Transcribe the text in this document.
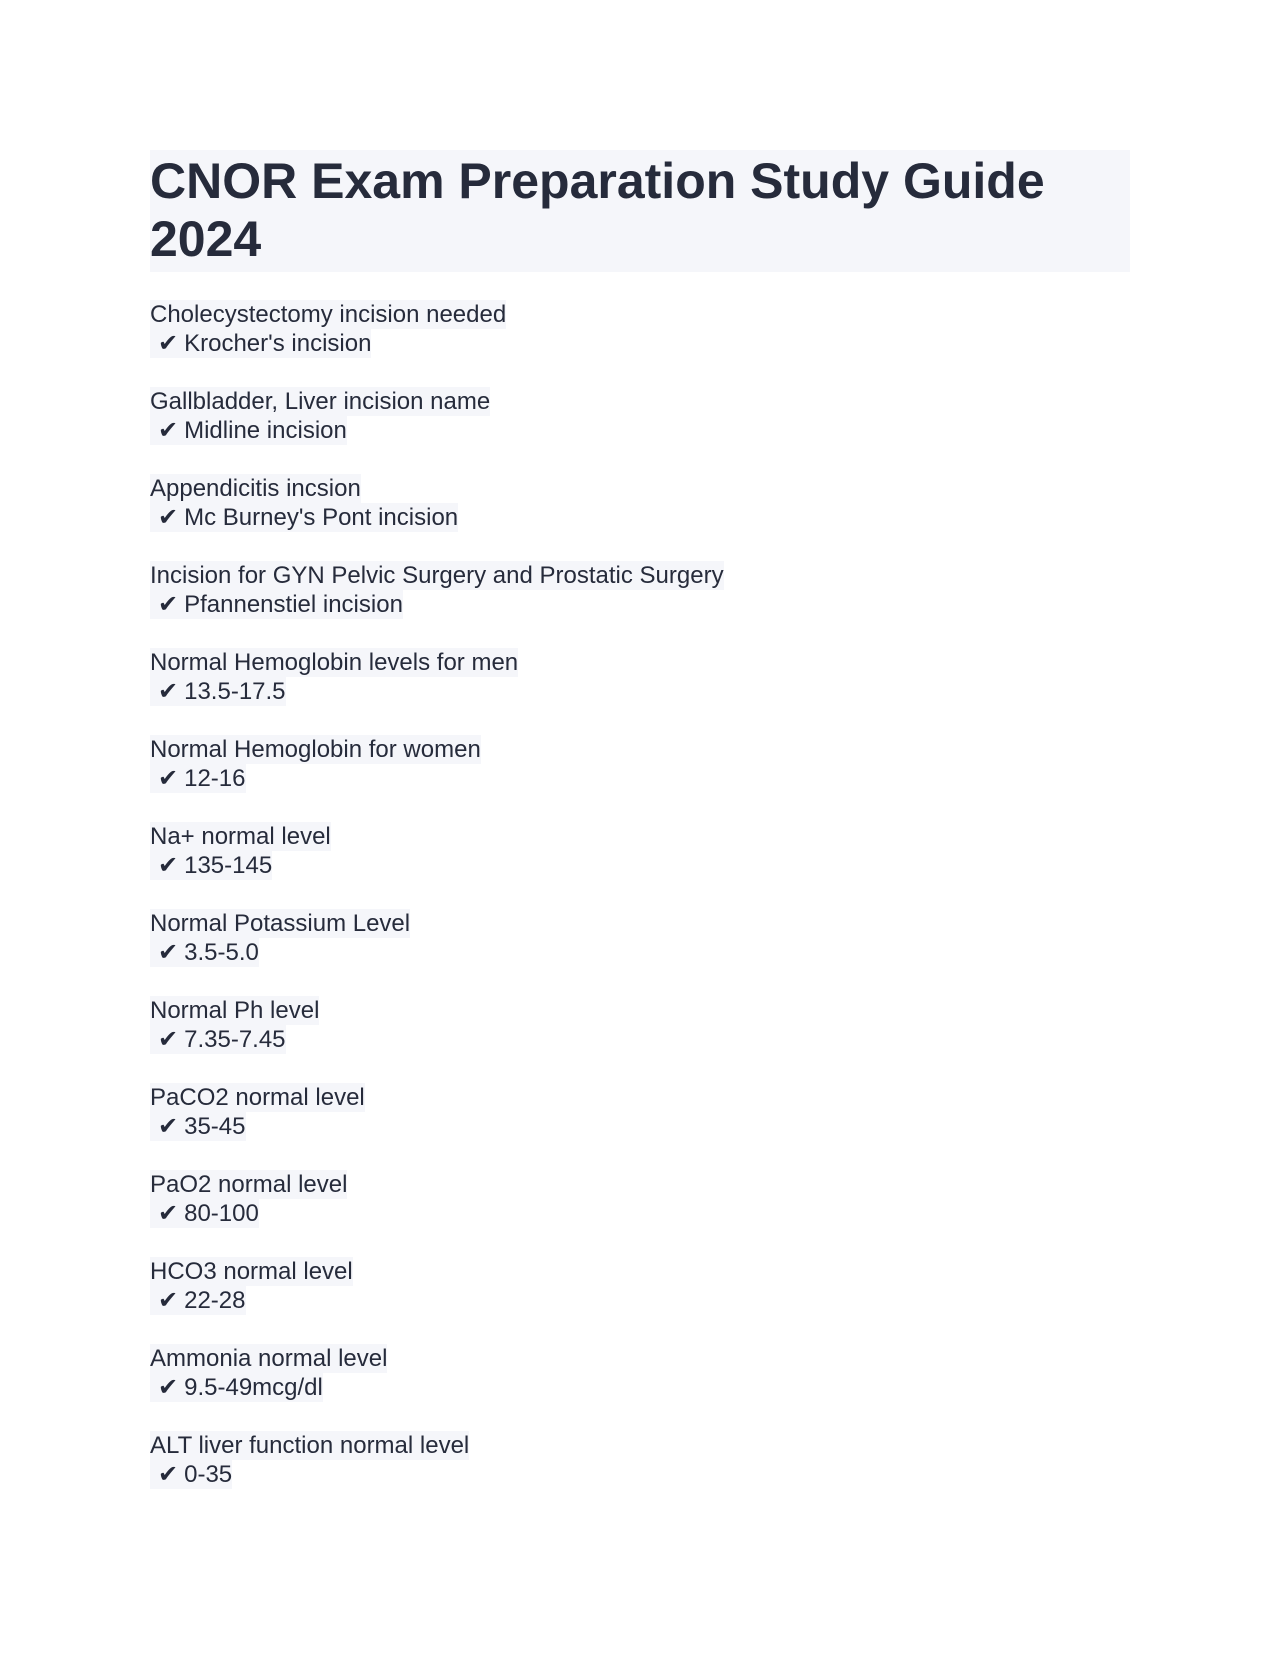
CNOR Exam Preparation Study Guide 2024
Cholecystectomy incision needed
✔ Krocher's incision
Gallbladder, Liver incision name
✔ Midline incision
Appendicitis incsion
✔ Mc Burney's Pont incision
Incision for GYN Pelvic Surgery and Prostatic Surgery
✔ Pfannenstiel incision
Normal Hemoglobin levels for men
✔ 13.5-17.5
Normal Hemoglobin for women
✔ 12-16
Na+ normal level
✔ 135-145
Normal Potassium Level
✔ 3.5-5.0
Normal Ph level
✔ 7.35-7.45
PaCO2 normal level
✔ 35-45
PaO2 normal level
✔ 80-100
HCO3 normal level
✔ 22-28
Ammonia normal level
✔ 9.5-49mcg/dl
ALT liver function normal level
✔ 0-35
